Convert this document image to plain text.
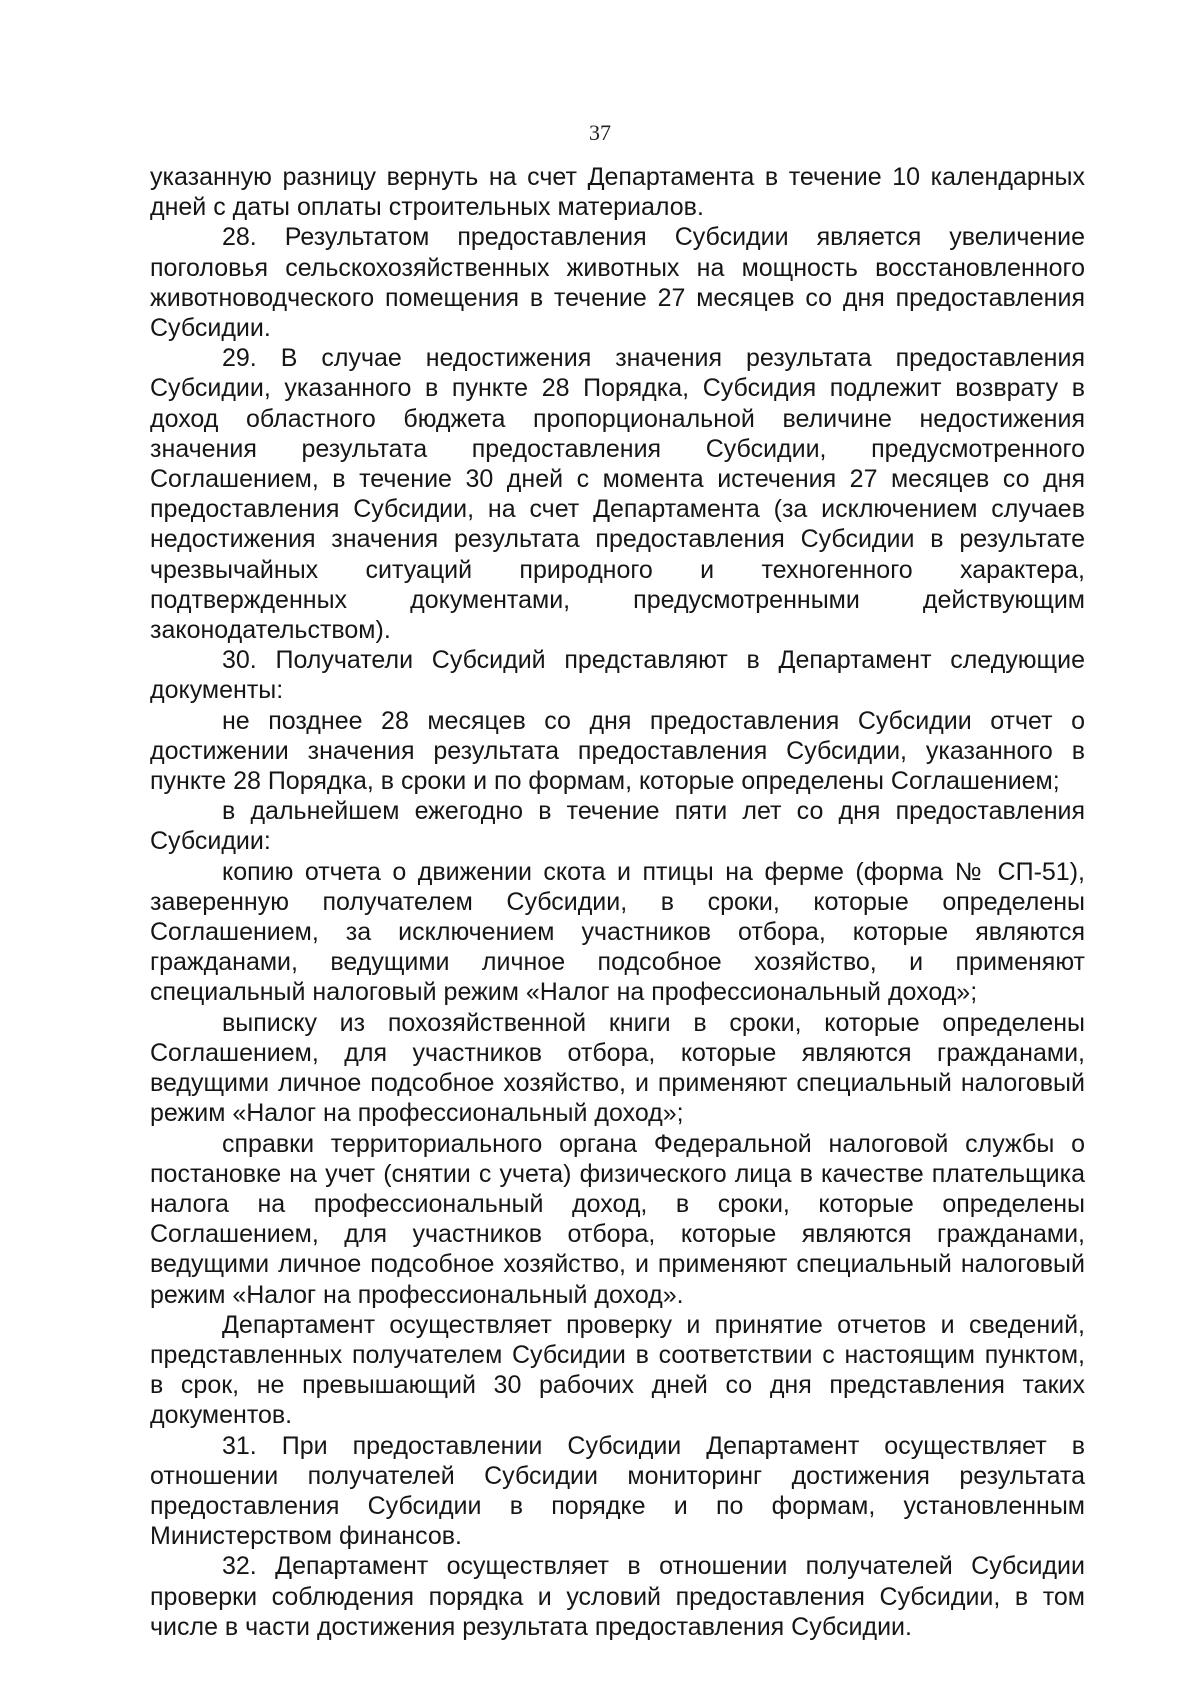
37

указанную разницу вернуть на счет Департамента в течение 10 календарных дней с даты оплаты строительных материалов.

28. Результатом предоставления Субсидии является увеличение поголовья сельскохозяйственных животных на мощность восстановленного животноводческого помещения в течение 27 месяцев со дня предоставления Субсидии.

29. В случае недостижения значения результата предоставления Субсидии, указанного в пункте 28 Порядка, Субсидия подлежит возврату в доход областного бюджета пропорциональной величине недостижения значения результата предоставления Субсидии, предусмотренного Соглашением, в течение 30 дней с момента истечения 27 месяцев со дня предоставления Субсидии, на счет Департамента (за исключением случаев недостижения значения результата предоставления Субсидии в результате чрезвычайных ситуаций природного и техногенного характера, подтвержденных документами, предусмотренными действующим законодательством).

30. Получатели Субсидий представляют в Департамент следующие документы:

не позднее 28 месяцев со дня предоставления Субсидии отчет о достижении значения результата предоставления Субсидии, указанного в пункте 28 Порядка, в сроки и по формам, которые определены Соглашением;

в дальнейшем ежегодно в течение пяти лет со дня предоставления Субсидии:

копию отчета о движении скота и птицы на ферме (форма № СП-51), заверенную получателем Субсидии, в сроки, которые определены Соглашением, за исключением участников отбора, которые являются гражданами, ведущими личное подсобное хозяйство, и применяют специальный налоговый режим «Налог на профессиональный доход»;

выписку из похозяйственной книги в сроки, которые определены Соглашением, для участников отбора, которые являются гражданами, ведущими личное подсобное хозяйство, и применяют специальный налоговый режим «Налог на профессиональный доход»;

справки территориального органа Федеральной налоговой службы о постановке на учет (снятии с учета) физического лица в качестве плательщика налога на профессиональный доход, в сроки, которые определены Соглашением, для участников отбора, которые являются гражданами, ведущими личное подсобное хозяйство, и применяют специальный налоговый режим «Налог на профессиональный доход».

Департамент осуществляет проверку и принятие отчетов и сведений, представленных получателем Субсидии в соответствии с настоящим пунктом, в срок, не превышающий 30 рабочих дней со дня представления таких документов.

31. При предоставлении Субсидии Департамент осуществляет в отношении получателей Субсидии мониторинг достижения результата предоставления Субсидии в порядке и по формам, установленным Министерством финансов.

32. Департамент осуществляет в отношении получателей Субсидии проверки соблюдения порядка и условий предоставления Субсидии, в том числе в части достижения результата предоставления Субсидии.
